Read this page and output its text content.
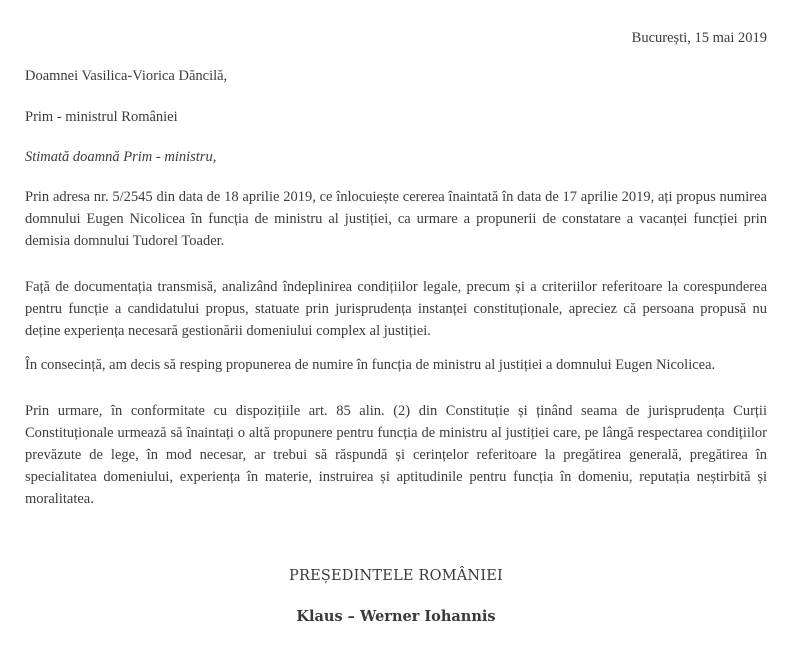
București, 15 mai 2019
Doamnei Vasilica-Viorica Dăncilă,
Prim - ministrul României
Stimată doamnă Prim - ministru,

Prin adresa nr. 5/2545 din data de 18 aprilie 2019, ce înlocuiește cererea înaintată în data de 17 aprilie 2019, ați propus numirea domnului Eugen Nicolicea în funcția de ministru al justiției, ca urmare a propunerii de constatare a vacanței funcției prin demisia domnului Tudorel Toader.

Față de documentația transmisă, analizând îndeplinirea condițiilor legale, precum și a criteriilor referitoare la corespunderea pentru funcție a candidatului propus, statuate prin jurisprudența instanței constituționale, apreciez că persoana propusă nu deține experiența necesară gestionării domeniului complex al justiției.

În consecință, am decis să resping propunerea de numire în funcția de ministru al justiției a domnului Eugen Nicolicea.

Prin urmare, în conformitate cu dispozițiile art. 85 alin. (2) din Constituție și ținând seama de jurisprudența Curții Constituționale urmează să înaintați o altă propunere pentru funcția de ministru al justiției care, pe lângă respectarea condițiilor prevăzute de lege, în mod necesar, ar trebui să răspundă și cerințelor referitoare la pregătirea generală, pregătirea în specialitatea domeniului, experiența în materie, instruirea și aptitudinile pentru funcția în domeniu, reputația neștirbită și moralitatea.

PREȘEDINTELE ROMÂNIEI
Klaus – Werner Iohannis
